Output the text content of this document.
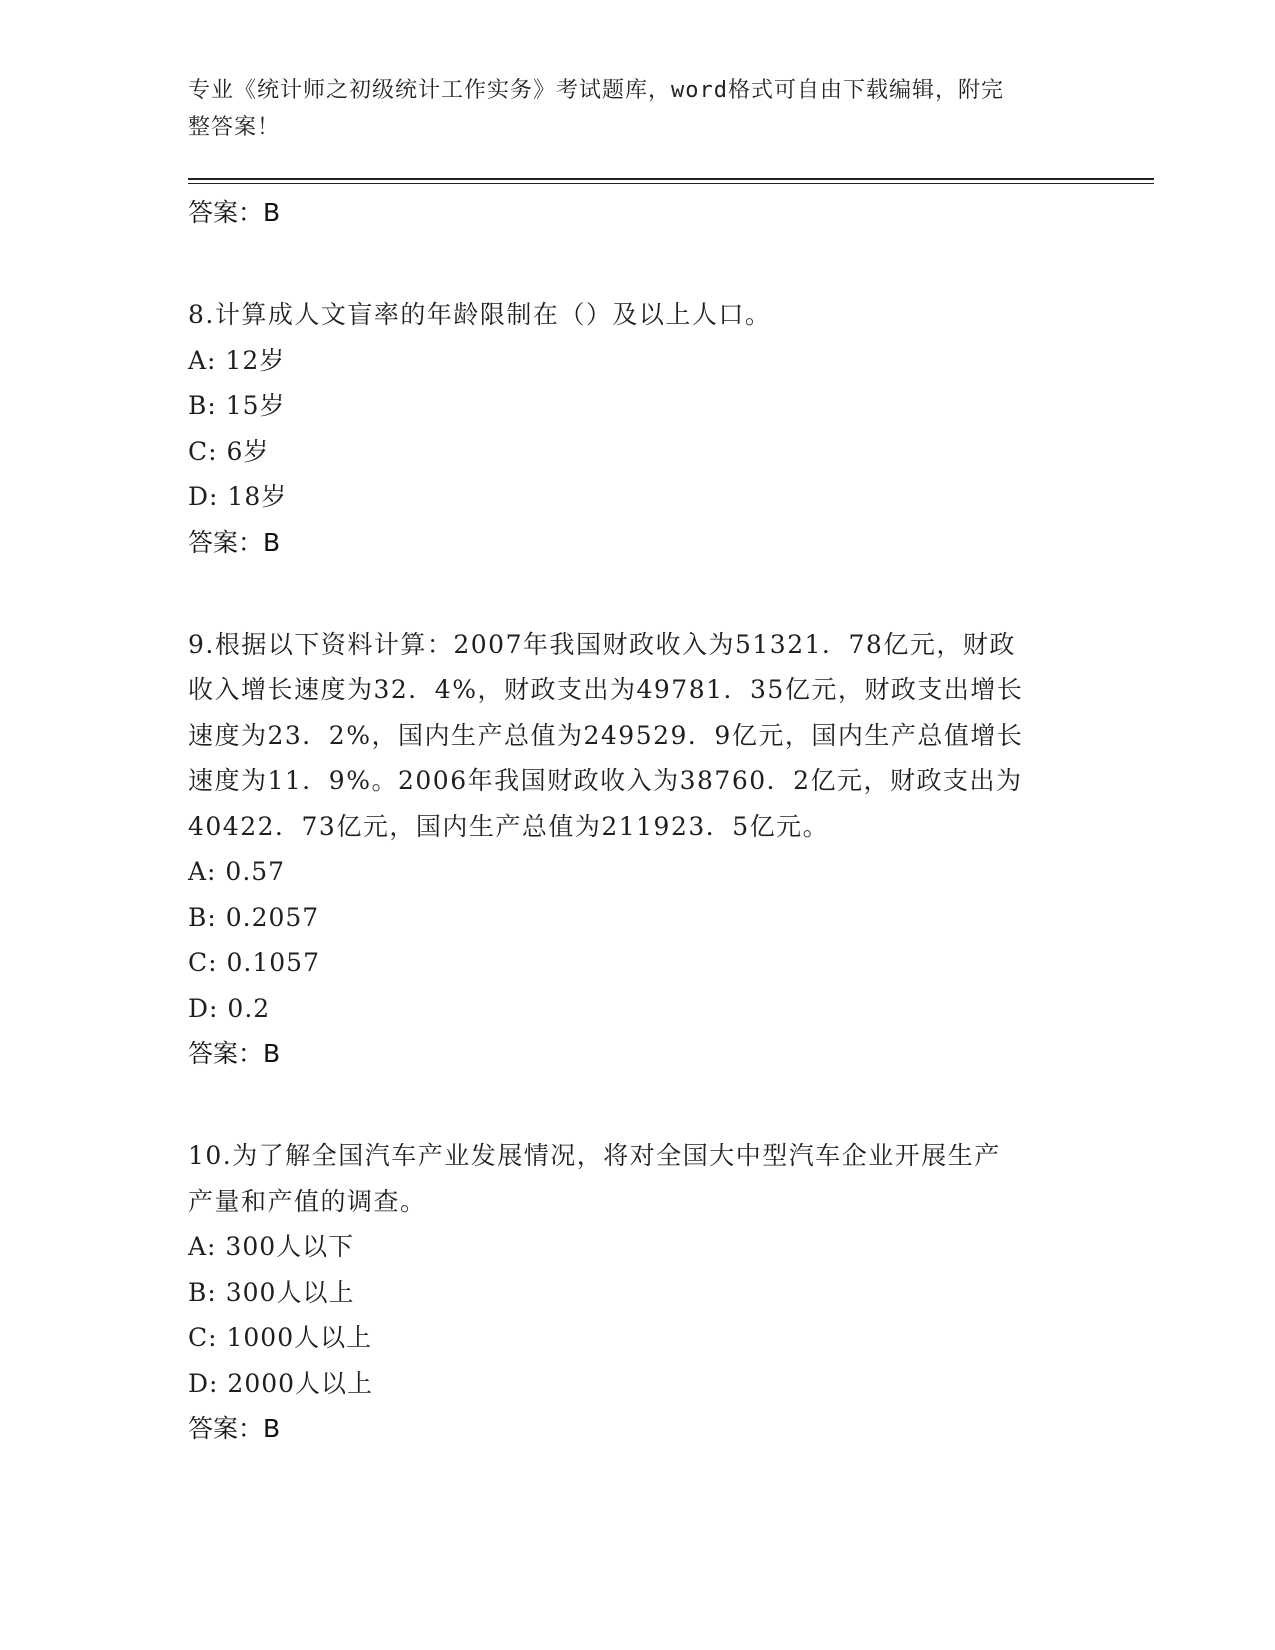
专业《统计师之初级统计工作实务》考试题库，word格式可自由下载编辑，附完
整答案！
答案：B
8.计算成人文盲率的年龄限制在（）及以上人口。
A: 12岁
B: 15岁
C: 6岁
D: 18岁
答案：B
9.根据以下资料计算：2007年我国财政收入为51321．78亿元，财政
收入增长速度为32．4%，财政支出为49781．35亿元，财政支出增长
速度为23．2%，国内生产总值为249529．9亿元，国内生产总值增长
速度为11．9%。2006年我国财政收入为38760．2亿元，财政支出为
40422．73亿元，国内生产总值为211923．5亿元。
A: 0.57
B: 0.2057
C: 0.1057
D: 0.2
答案：B
10.为了解全国汽车产业发展情况，将对全国大中型汽车企业开展生产
产量和产值的调查。
A: 300人以下
B: 300人以上
C: 1000人以上
D: 2000人以上
答案：B
